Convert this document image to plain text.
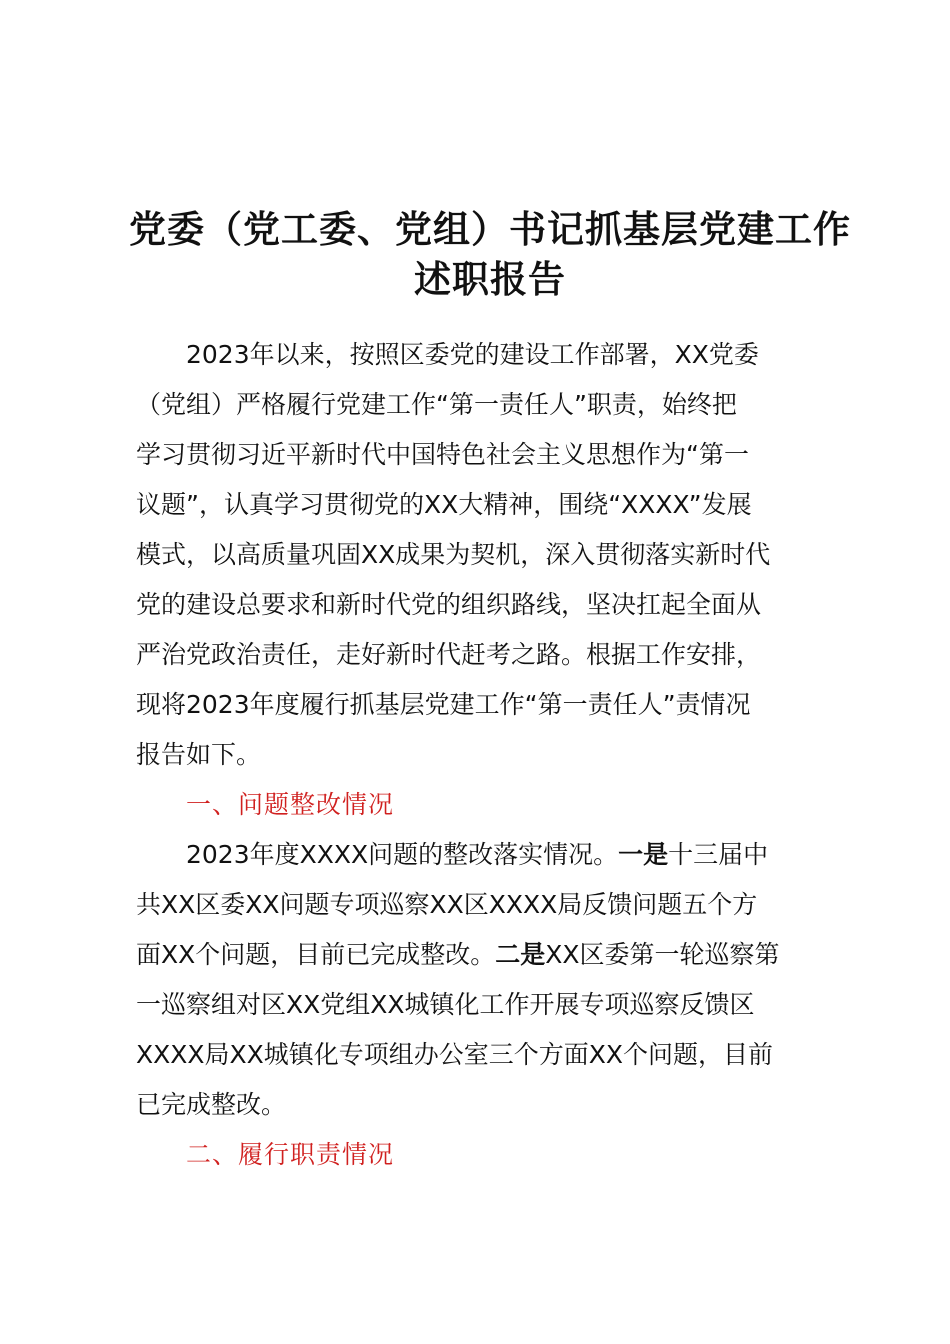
党委（党工委、党组）书记抓基层党建工作
述职报告
　　2023年以来，按照区委党的建设工作部署，XX党委
（党组）严格履行党建工作“第一责任人”职责，始终把
学习贯彻习近平新时代中国特色社会主义思想作为“第一
议题”，认真学习贯彻党的XX大精神，围绕“XXXX”发展
模式，以高质量巩固XX成果为契机，深入贯彻落实新时代
党的建设总要求和新时代党的组织路线，坚决扛起全面从
严治党政治责任，走好新时代赶考之路。根据工作安排，
现将2023年度履行抓基层党建工作“第一责任人”责情况
报告如下。
一、问题整改情况
　　2023年度XXXX问题的整改落实情况。一是十三届中
共XX区委XX问题专项巡察XX区XXXX局反馈问题五个方
面XX个问题，目前已完成整改。二是XX区委第一轮巡察第
一巡察组对区XX党组XX城镇化工作开展专项巡察反馈区
XXXX局XX城镇化专项组办公室三个方面XX个问题，目前
已完成整改。
二、履行职责情况
